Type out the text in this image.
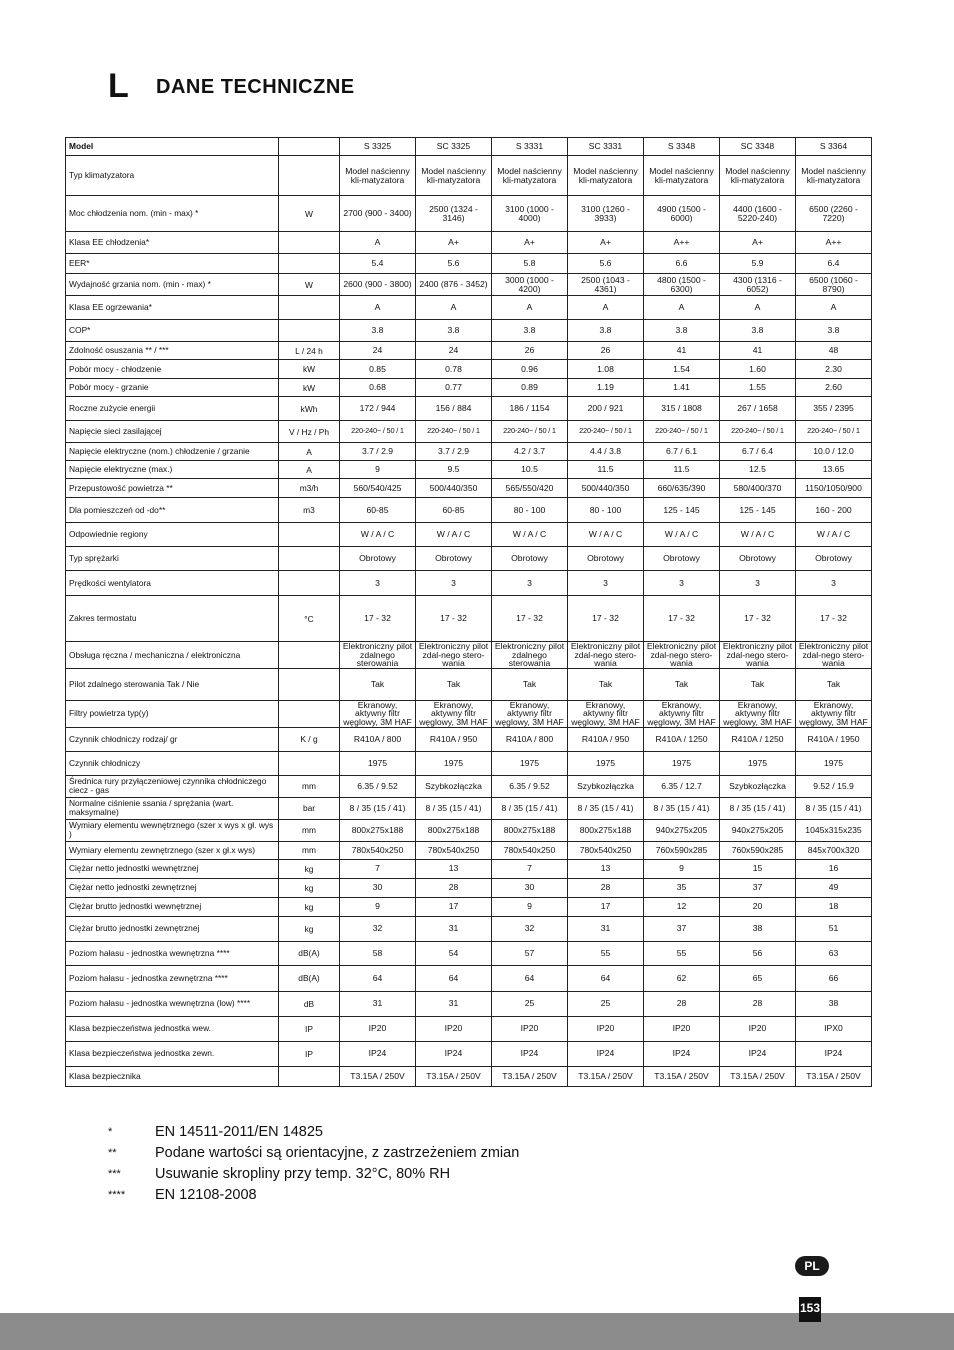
L DANE TECHNICZNE
Model		S 3325	SC 3325	S 3331	SC 3331	S 3348	SC 3348	S 3364
Typ klimatyzatora		Model naścienny kli-matyzatora	Model naścienny kli-matyzatora	Model naścienny kli-matyzatora	Model naścienny kli-matyzatora	Model naścienny kli-matyzatora	Model naścienny kli-matyzatora	Model naścienny kli-matyzatora
Moc chłodzenia nom. (min - max) *	W	2700 (900 - 3400)	2500 (1324 - 3146)	3100 (1000 - 4000)	3100 (1260 - 3933)	4900 (1500 - 6000)	4400 (1600 - 5220-240)	6500 (2260 - 7220)
Klasa EE chłodzenia*		A	A+	A+	A+	A++	A+	A++
EER*		5.4	5.6	5.8	5.6	6.6	5.9	6.4
Wydajność grzania nom. (min - max) *	W	2600 (900 - 3800)	2400 (876 - 3452)	3000 (1000 - 4200)	2500 (1043 - 4361)	4800 (1500 - 6300)	4300 (1316 - 6052)	6500 (1060 - 8790)
Klasa EE ogrzewania*		A	A	A	A	A	A	A
COP*		3.8	3.8	3.8	3.8	3.8	3.8	3.8
Zdolność osuszania ** / ***	L / 24 h	24	24	26	26	41	41	48
Pobór mocy - chłodzenie	kW	0.85	0.78	0.96	1.08	1.54	1.60	2.30
Pobór mocy - grzanie	kW	0.68	0.77	0.89	1.19	1.41	1.55	2.60
Roczne zużycie energii	kWh	172 / 944	156 / 884	186 / 1154	200 / 921	315 / 1808	267 / 1658	355 / 2395
Napięcie sieci zasilającej	V / Hz / Ph	220-240~ / 50 / 1	220-240~ / 50 / 1	220-240~ / 50 / 1	220-240~ / 50 / 1	220-240~ / 50 / 1	220-240~ / 50 / 1	220-240~ / 50 / 1
Napięcie elektryczne (nom.) chłodzenie / grzanie	A	3.7 / 2.9	3.7 / 2.9	4.2 / 3.7	4.4 / 3.8	6.7 / 6.1	6.7 / 6.4	10.0 / 12.0
Napięcie elektryczne (max.)	A	9	9.5	10.5	11.5	11.5	12.5	13.65
Przepustowość powietrza **	m3/h	560/540/425	500/440/350	565/550/420	500/440/350	660/635/390	580/400/370	1150/1050/900
Dla pomieszczeń od -do**	m3	60-85	60-85	80 - 100	80 - 100	125 - 145	125 - 145	160 - 200
Odpowiednie regiony		W / A / C	W / A / C	W / A / C	W / A / C	W / A / C	W / A / C	W / A / C
Typ sprężarki		Obrotowy	Obrotowy	Obrotowy	Obrotowy	Obrotowy	Obrotowy	Obrotowy
Prędkości wentylatora		3	3	3	3	3	3	3
Zakres termostatu	°C	17 - 32	17 - 32	17 - 32	17 - 32	17 - 32	17 - 32	17 - 32
Obsługa ręczna / mechaniczna / elektroniczna		Elektroniczny pilot zdalnego sterowania	Elektroniczny pilot zdal-nego stero-wania	Elektroniczny pilot zdalnego sterowania	Elektroniczny pilot zdal-nego stero-wania	Elektroniczny pilot zdal-nego stero-wania	Elektroniczny pilot zdal-nego stero-wania	Elektroniczny pilot zdal-nego stero-wania
Pilot zdalnego sterowania Tak / Nie		Tak	Tak	Tak	Tak	Tak	Tak	Tak
Filtry powietrza typ(y)		Ekranowy, aktywny filtr węglowy, 3M HAF	Ekranowy, aktywny filtr węglowy, 3M HAF	Ekranowy, aktywny filtr węglowy, 3M HAF	Ekranowy, aktywny filtr węglowy, 3M HAF	Ekranowy, aktywny filtr węglowy, 3M HAF	Ekranowy, aktywny filtr węglowy, 3M HAF	Ekranowy, aktywny filtr węglowy, 3M HAF
Czynnik chłodniczy rodzaj/ gr	K / g	R410A / 800	R410A / 950	R410A / 800	R410A / 950	R410A / 1250	R410A / 1250	R410A / 1950
Czynnik chłodniczy		1975	1975	1975	1975	1975	1975	1975
Średnica rury przyłączeniowej czynnika chłodniczego ciecz - gas	mm	6.35 / 9.52	Szybkozłączka	6.35 / 9.52	Szybkozłączka	6.35 / 12.7	Szybkozłączka	9.52 / 15.9
Normalne ciśnienie ssania / sprężania (wart. maksymalne)	bar	8 / 35 (15 / 41)	8 / 35 (15 / 41)	8 / 35 (15 / 41)	8 / 35 (15 / 41)	8 / 35 (15 / 41)	8 / 35 (15 / 41)	8 / 35 (15 / 41)
Wymiary elementu wewnętrznego (szer x wys x gł. wys )	mm	800x275x188	800x275x188	800x275x188	800x275x188	940x275x205	940x275x205	1045x315x235
Wymiary elementu zewnętrznego (szer x gł.x wys)	mm	780x540x250	780x540x250	780x540x250	780x540x250	760x590x285	760x590x285	845x700x320
Ciężar netto jednostki wewnętrznej	kg	7	13	7	13	9	15	16
Ciężar netto jednostki zewnętrznej	kg	30	28	30	28	35	37	49
Ciężar brutto jednostki wewnętrznej	kg	9	17	9	17	12	20	18
Ciężar brutto jednostki zewnętrznej	kg	32	31	32	31	37	38	51
Poziom hałasu - jednostka wewnętrzna ****	dB(A)	58	54	57	55	55	56	63
Poziom hałasu - jednostka zewnętrzna ****	dB(A)	64	64	64	64	62	65	66
Poziom hałasu - jednostka wewnętrzna (low) ****	dB	31	31	25	25	28	28	38
Klasa bezpieczeństwa jednostka wew.	IP	IP20	IP20	IP20	IP20	IP20	IP20	IPX0
Klasa bezpieczeństwa jednostka zewn.	IP	IP24	IP24	IP24	IP24	IP24	IP24	IP24
Klasa bezpiecznika		T3.15A / 250V	T3.15A / 250V	T3.15A / 250V	T3.15A / 250V	T3.15A / 250V	T3.15A / 250V	T3.15A / 250V
*	EN 14511-2011/EN 14825
**	Podane wartości są orientacyjne, z zastrzeżeniem zmian
***	Usuwanie skropliny przy temp. 32°C, 80% RH
****	EN 12108-2008
PL
153
